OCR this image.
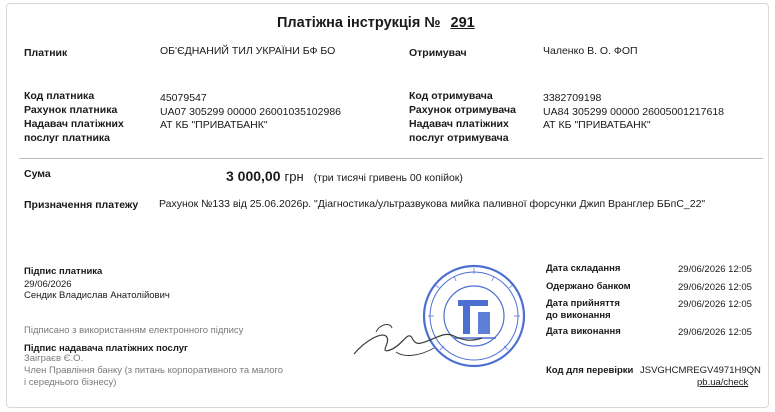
Платіжна інструкція № 291
Платник	ОБ'ЄДНАНИЙ ТИЛ УКРАЇНИ БФ БО	Отримувач	Чаленко В. О. ФОП
Код платника	45079547
Рахунок платника	UA07 305299 00000 26001035102986
Надавач платіжних
послуг платника
АТ КБ "ПРИВАТБАНК"
Код отримувача	3382709198
Рахунок отримувача	UA84 305299 00000 26005001217618
Надавач платіжних
послуг отримувача
АТ КБ "ПРИВАТБАНК"
Сума	3 000,00 грн (три тисячі гривень 00 копійок)
Призначення платежу Рахунок №133 від 25.06.2026р. "Діагностика/ультразвукова мийка паливної форсунки Джип Вранглер ББпС_22"
Підпис платника
29/06/2026
Сендик Владислав Анатолійович
Підписано з використанням електронного підпису
Підпис надавача платіжних послуг
Заіграєв Є.О.
Член Правління банку (з питань корпоративного та малого і середнього бізнесу)
Дата складання	29/06/2026 12:05
Одержано банком	29/06/2026 12:05
Дата прийняття
до виконання
29/06/2026 12:05
Дата виконання	29/06/2026 12:05
Код для перевірки JSVGHCMREGV4971H9QN
pb.ua/check
